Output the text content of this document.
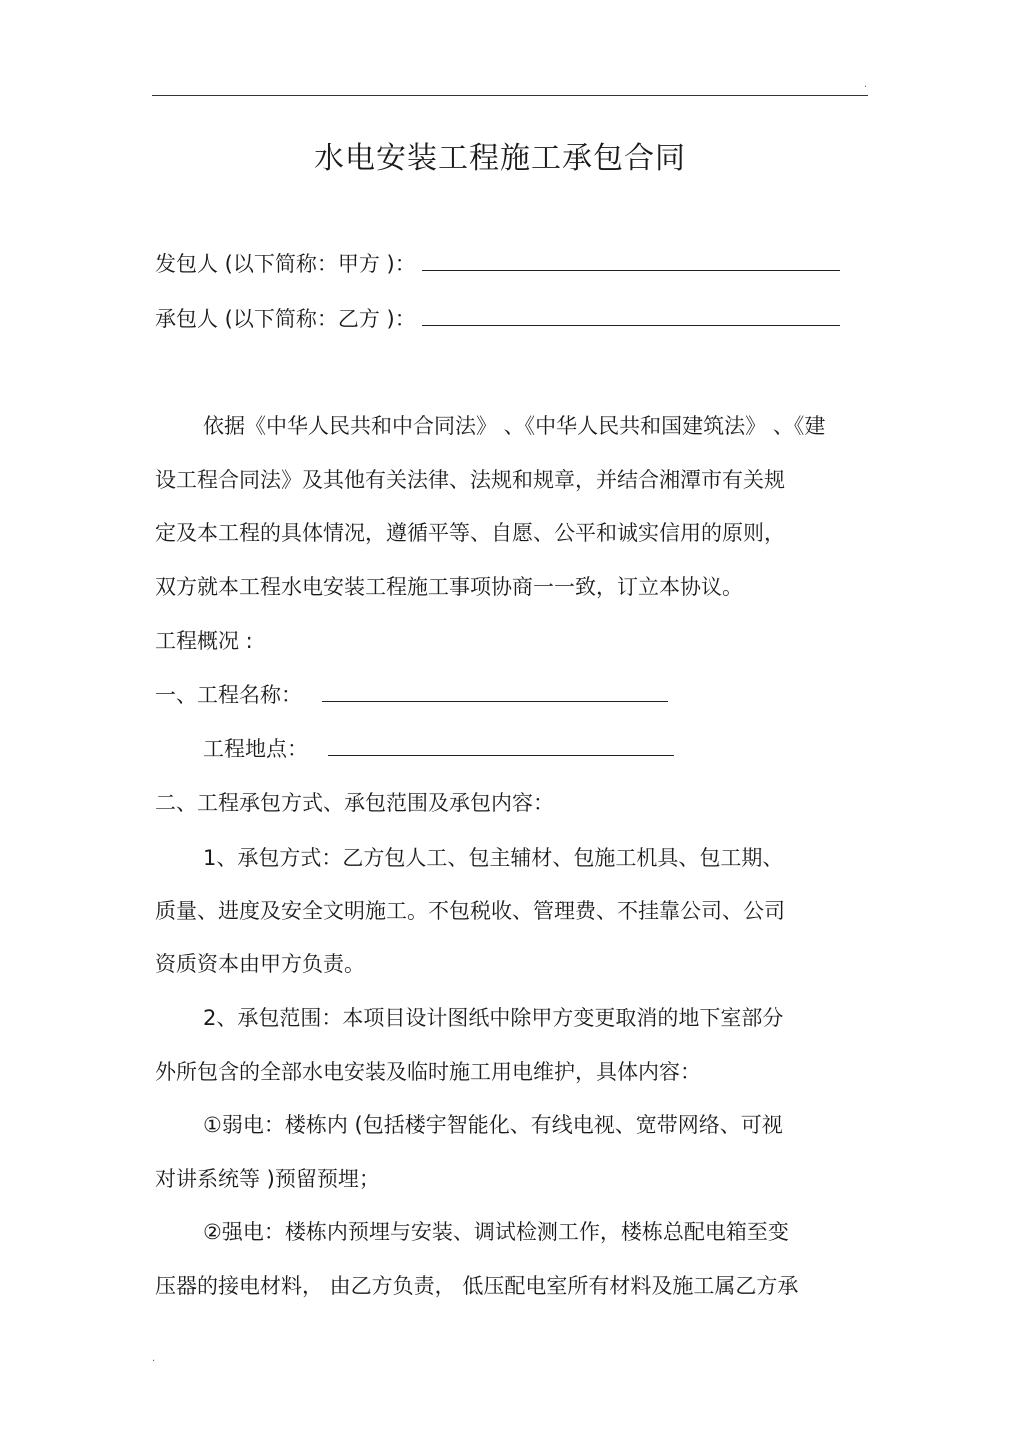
·
水电安装工程施工承包合同
发包人 (以下简称：甲方 )：
承包人 (以下简称：乙方 )：
依据《中华人民共和中合同法》 、《中华人民共和国建筑法》 、《建
设工程合同法》及其他有关法律、法规和规章，并结合湘潭市有关规
定及本工程的具体情况，遵循平等、自愿、公平和诚实信用的原则，
双方就本工程水电安装工程施工事项协商一一致，订立本协议。
工程概况 :
一、工程名称：
工程地点：
二、工程承包方式、承包范围及承包内容：
1、承包方式：乙方包人工、包主辅材、包施工机具、包工期、
质量、进度及安全文明施工。不包税收、管理费、不挂靠公司、公司
资质资本由甲方负责。
2、承包范围：本项目设计图纸中除甲方变更取消的地下室部分
外所包含的全部水电安装及临时施工用电维护，具体内容：
①弱电：楼栋内 (包括楼宇智能化、有线电视、宽带网络、可视
对讲系统等 )预留预埋；
②强电：楼栋内预埋与安装、调试检测工作，楼栋总配电箱至变
压器的接电材料， 由乙方负责， 低压配电室所有材料及施工属乙方承
·
